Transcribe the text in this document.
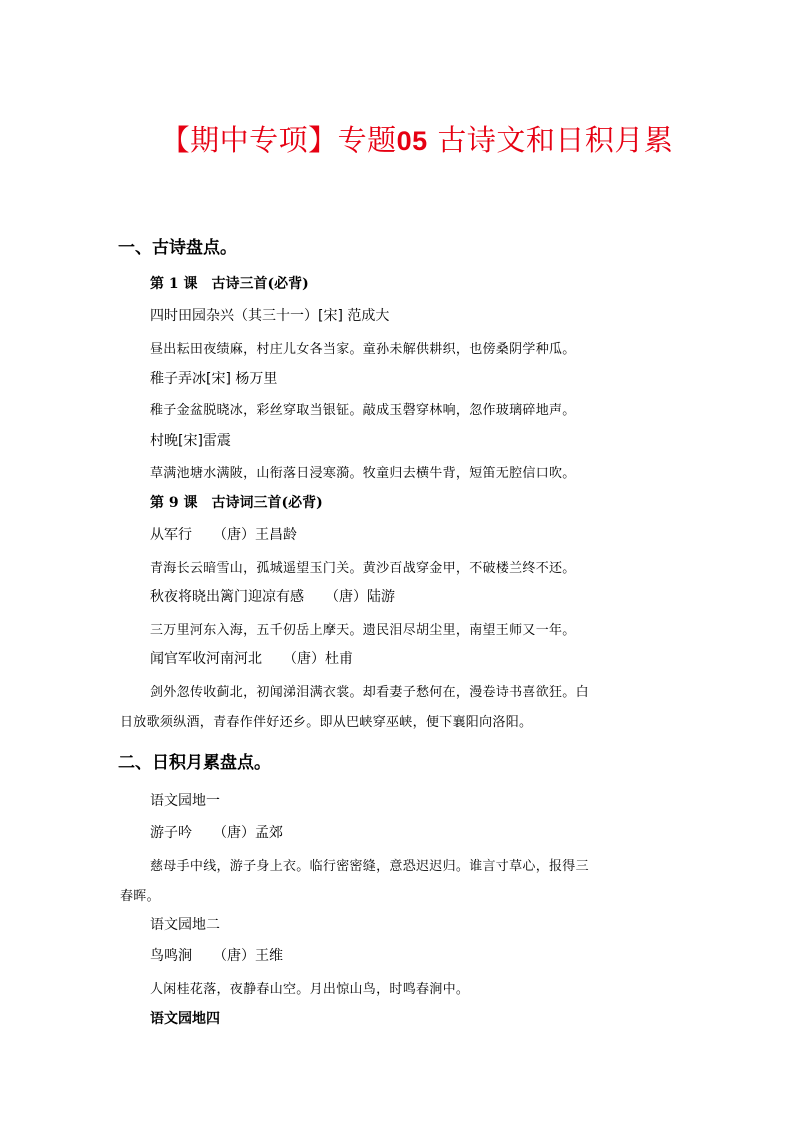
【期中专项】专题05 古诗文和日积月累
一、古诗盘点。
第 1 课　古诗三首(必背)
四时田园杂兴（其三十一）[宋] 范成大
昼出耘田夜绩麻，村庄儿女各当家。童孙未解供耕织，也傍桑阴学种瓜。
稚子弄冰[宋] 杨万里
稚子金盆脱晓冰，彩丝穿取当银钲。敲成玉磬穿林响，忽作玻璃碎地声。
村晚[宋]雷震
草满池塘水满陂，山衔落日浸寒漪。牧童归去横牛背，短笛无腔信口吹。
第 9 课　古诗词三首(必背)
从军行　　（唐）王昌龄
青海长云暗雪山，孤城遥望玉门关。黄沙百战穿金甲，不破楼兰终不还。
秋夜将晓出篱门迎凉有感　　（唐）陆游
三万里河东入海，五千仞岳上摩天。遗民泪尽胡尘里，南望王师又一年。
闻官军收河南河北　　（唐）杜甫
剑外忽传收蓟北，初闻涕泪满衣裳。却看妻子愁何在，漫卷诗书喜欲狂。白
日放歌须纵酒，青春作伴好还乡。即从巴峡穿巫峡，便下襄阳向洛阳。
二、日积月累盘点。
语文园地一
游子吟　　（唐）孟郊
慈母手中线，游子身上衣。临行密密缝，意恐迟迟归。谁言寸草心，报得三
春晖。
语文园地二
鸟鸣涧　　（唐）王维
人闲桂花落，夜静春山空。月出惊山鸟，时鸣春涧中。
语文园地四
